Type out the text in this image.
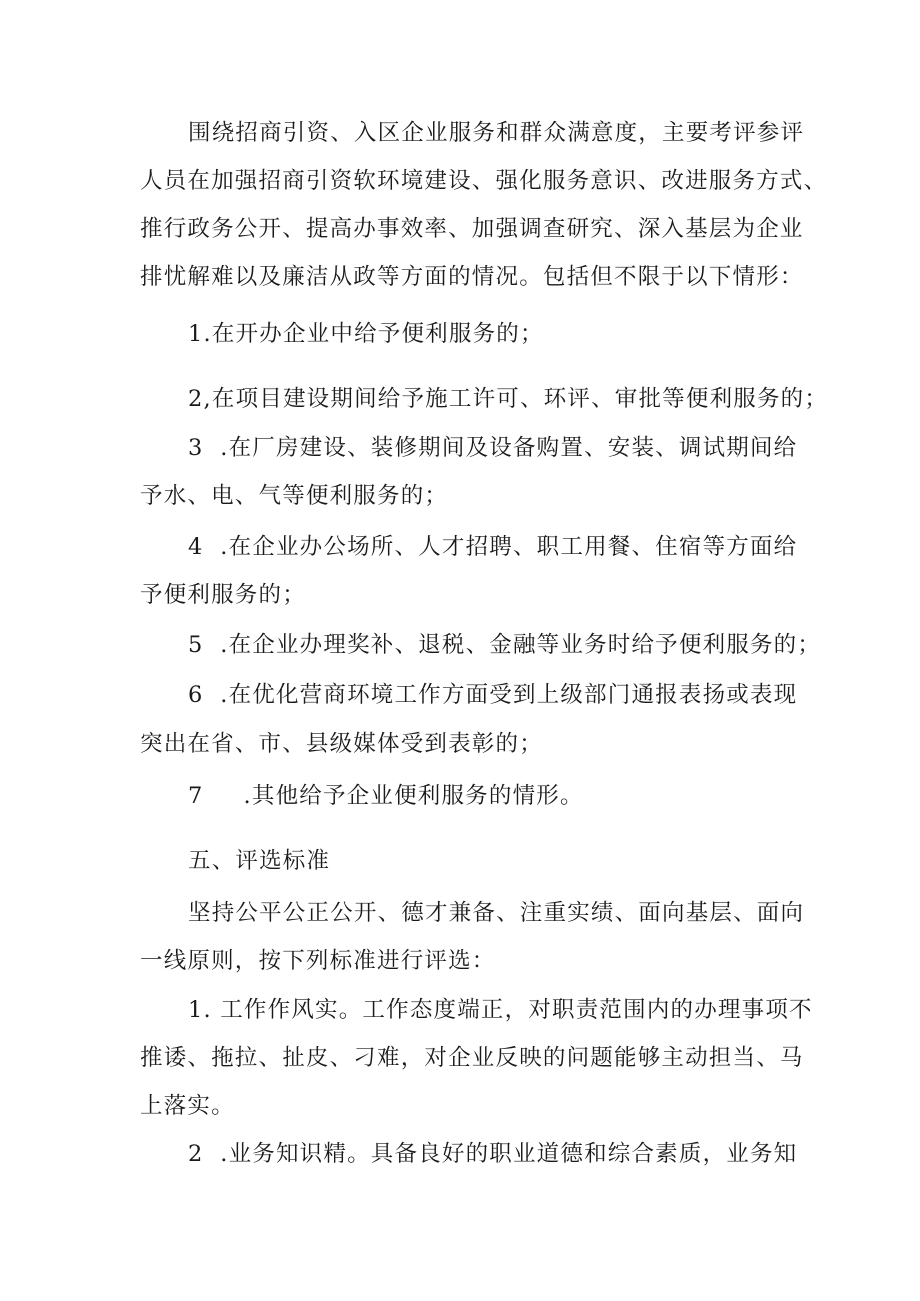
围绕招商引资、入区企业服务和群众满意度，主要考评参评
人员在加强招商引资软环境建设、强化服务意识、改进服务方式、
推行政务公开、提高办事效率、加强调查研究、深入基层为企业
排忧解难以及廉洁从政等方面的情况。包括但不限于以下情形：
1.在开办企业中给予便利服务的；
2,在项目建设期间给予施工许可、环评、审批等便利服务的；
3  .在厂房建设、装修期间及设备购置、安装、调试期间给
予水、电、气等便利服务的；
4  .在企业办公场所、人才招聘、职工用餐、住宿等方面给
予便利服务的；
5  .在企业办理奖补、退税、金融等业务时给予便利服务的；
6  .在优化营商环境工作方面受到上级部门通报表扬或表现
突出在省、市、县级媒体受到表彰的；
7 .其他给予企业便利服务的情形。
五、评选标准
坚持公平公正公开、德才兼备、注重实绩、面向基层、面向
一线原则，按下列标准进行评选：
1. 工作作风实。工作态度端正，对职责范围内的办理事项不
推诿、拖拉、扯皮、刁难，对企业反映的问题能够主动担当、马
上落实。
2  .业务知识精。具备良好的职业道德和综合素质，业务知
